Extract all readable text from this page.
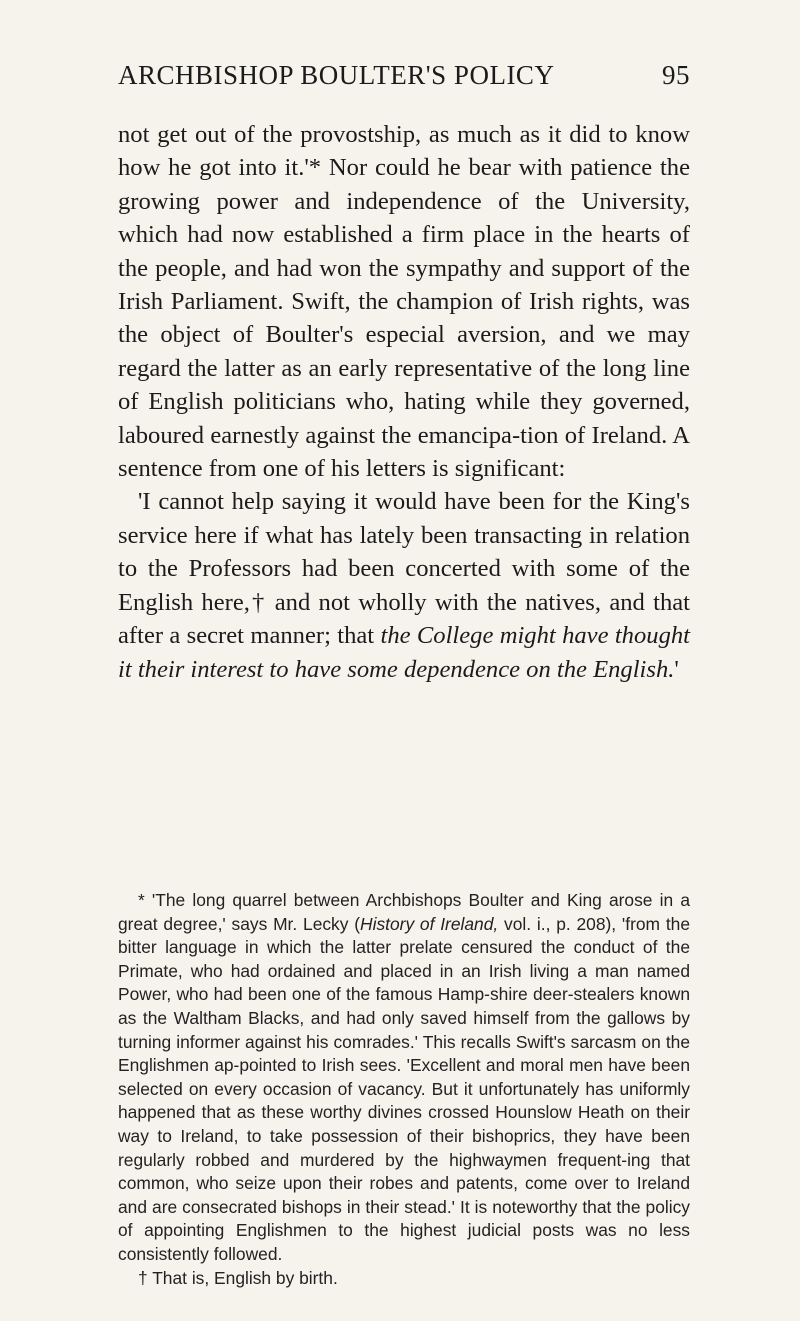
ARCHBISHOP BOULTER'S POLICY	95

not get out of the provostship, as much as it did to know how he got into it.'* Nor could he bear with patience the growing power and independence of the University, which had now established a firm place in the hearts of the people, and had won the sympathy and support of the Irish Parliament. Swift, the champion of Irish rights, was the object of Boulter's especial aversion, and we may regard the latter as an early representative of the long line of English politicians who, hating while they governed, laboured earnestly against the emancipa-tion of Ireland. A sentence from one of his letters is significant:

'I cannot help saying it would have been for the King's service here if what has lately been transacting in relation to the Professors had been concerted with some of the English here,† and not wholly with the natives, and that after a secret manner; that the College might have thought it their interest to have some dependence on the English.'

* 'The long quarrel between Archbishops Boulter and King arose in a great degree,' says Mr. Lecky (History of Ireland, vol. i., p. 208), 'from the bitter language in which the latter prelate censured the conduct of the Primate, who had ordained and placed in an Irish living a man named Power, who had been one of the famous Hamp-shire deer-stealers known as the Waltham Blacks, and had only saved himself from the gallows by turning informer against his comrades.' This recalls Swift's sarcasm on the Englishmen ap-pointed to Irish sees. 'Excellent and moral men have been selected on every occasion of vacancy. But it unfortunately has uniformly happened that as these worthy divines crossed Hounslow Heath on their way to Ireland, to take possession of their bishoprics, they have been regularly robbed and murdered by the highwaymen frequent-ing that common, who seize upon their robes and patents, come over to Ireland and are consecrated bishops in their stead.' It is noteworthy that the policy of appointing Englishmen to the highest judicial posts was no less consistently followed.

† That is, English by birth.
